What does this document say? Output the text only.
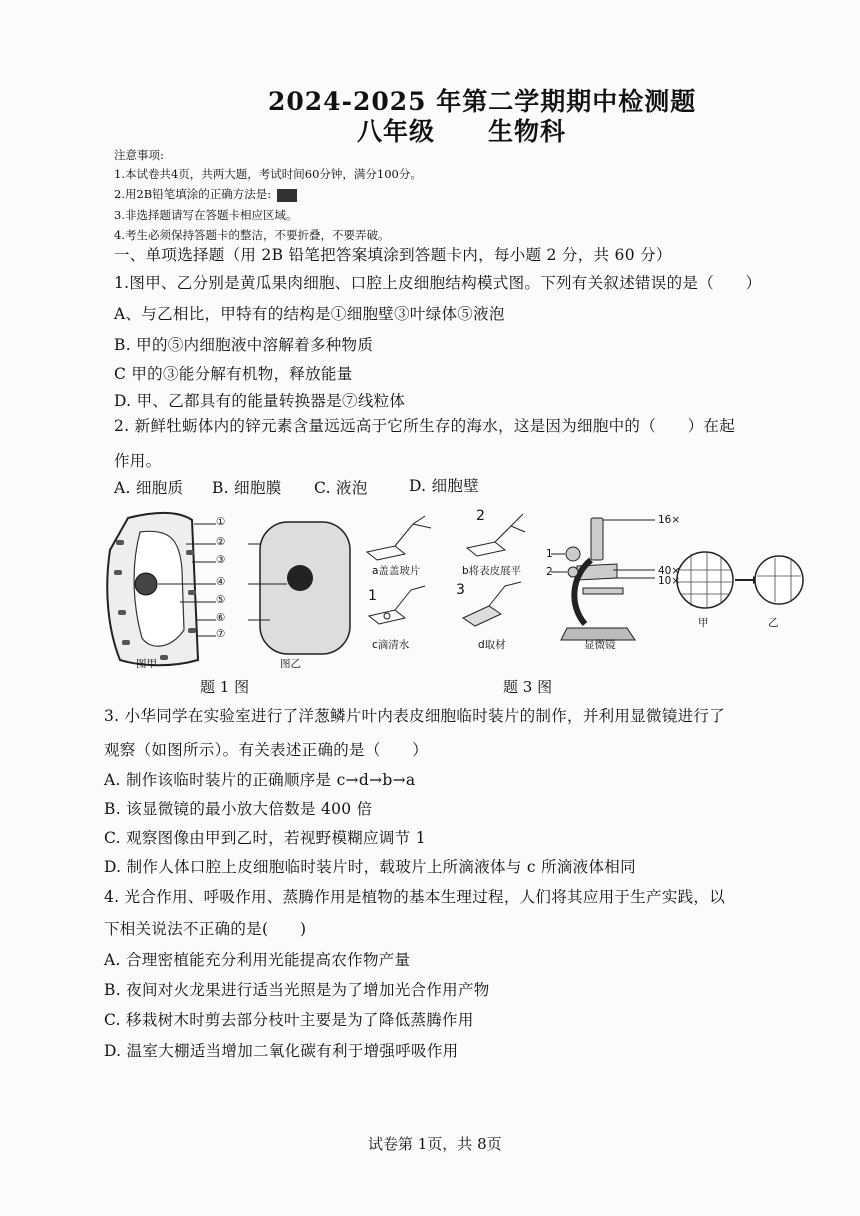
2024-2025 年第二学期期中检测题
八年级 生物科
注意事项:
1.本试卷共4页，共两大题，考试时间60分钟，满分100分。
2.用2B铅笔填涂的正确方法是:
3.非选择题请写在答题卡相应区域。
4.考生必须保持答题卡的整洁，不要折叠，不要弄破。
一、单项选择题（用 2B 铅笔把答案填涂到答题卡内，每小题 2 分，共 60 分）
1.图甲、乙分别是黄瓜果肉细胞、口腔上皮细胞结构模式图。下列有关叙述错误的是（　　）
A、与乙相比，甲特有的结构是①细胞壁③叶绿体⑤液泡
B. 甲的⑤内细胞液中溶解着多种物质
C 甲的③能分解有机物，释放能量
D. 甲、乙都具有的能量转换器是⑦线粒体
2. 新鲜牡蛎体内的锌元素含量远远高于它所生存的海水，这是因为细胞中的（　　）在起
作用。
A. 细胞质 B. 细胞膜 C. 液泡	D. 细胞壁
①
②
③
④
⑤
⑥
⑦
图甲	图乙
题 1 图
2
1	3
a盖盖玻片	b将表皮展平
c滴清水	d取材
16×
40×
10×
1
2
显微镜
甲	乙
题 3 图
3. 小华同学在实验室进行了洋葱鳞片叶内表皮细胞临时装片的制作，并利用显微镜进行了
观察（如图所示）。有关表述正确的是（　　）
A. 制作该临时装片的正确顺序是 c→d→b→a
B. 该显微镜的最小放大倍数是 400 倍
C. 观察图像由甲到乙时，若视野模糊应调节 1
D. 制作人体口腔上皮细胞临时装片时，载玻片上所滴液体与 c 所滴液体相同
4. 光合作用、呼吸作用、蒸腾作用是植物的基本生理过程，人们将其应用于生产实践，以
下相关说法不正确的是(　　)
A. 合理密植能充分利用光能提高农作物产量
B. 夜间对火龙果进行适当光照是为了增加光合作用产物
C. 移栽树木时剪去部分枝叶主要是为了降低蒸腾作用
D. 温室大棚适当增加二氧化碳有利于增强呼吸作用
试卷第 1页，共 8页
